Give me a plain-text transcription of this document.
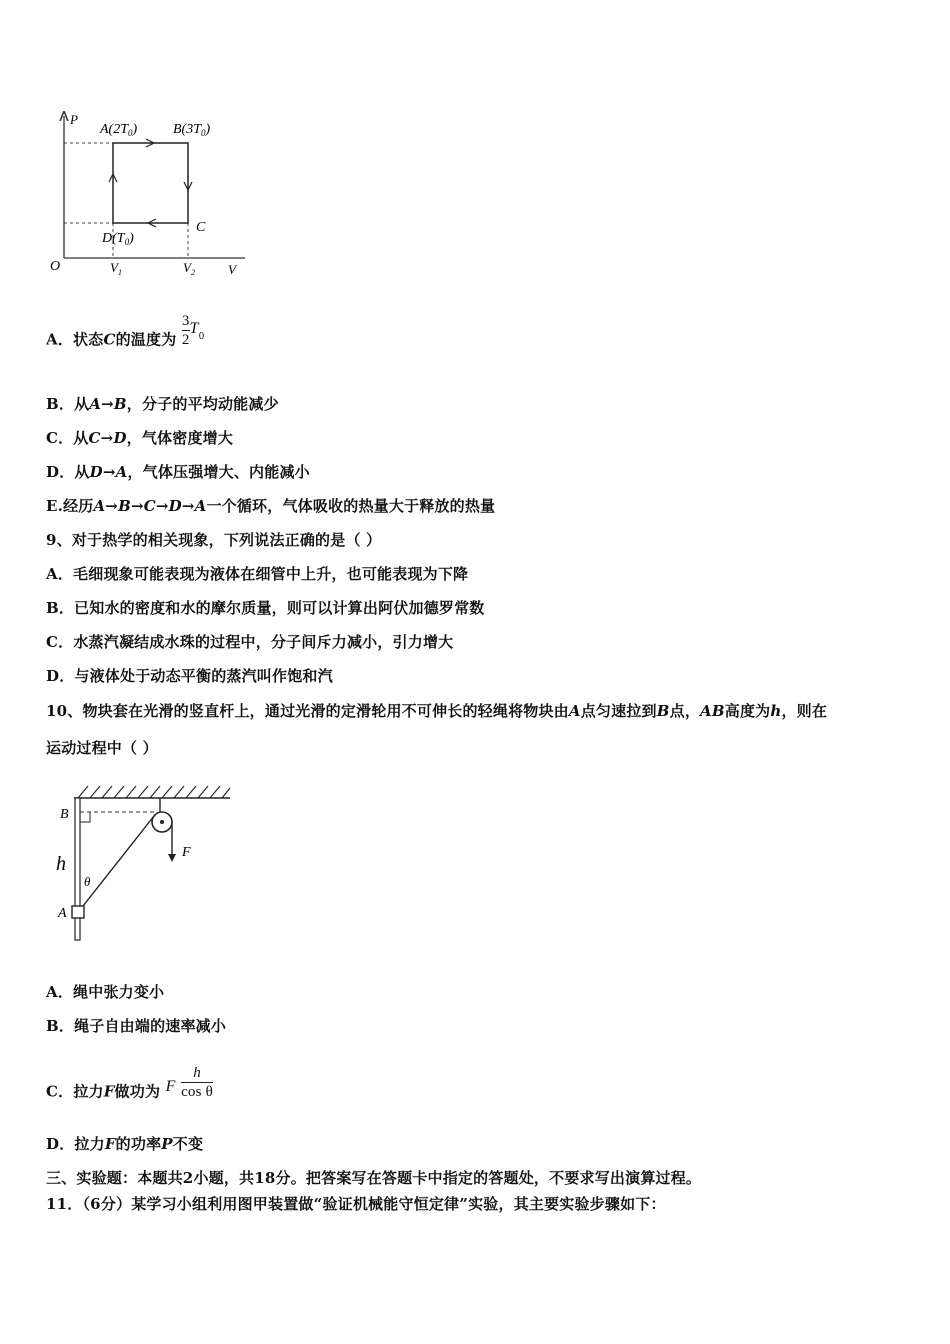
P
V
O
$A(2T_0)$	$B(3T_0)$
C
$D(T_0)$
$V_1$	$V_2$
A．状态C的温度为 $\frac{3}{2} T_0$
B．从A→B，分子的平均动能减少
C．从C→D，气体密度增大
D．从D→A，气体压强增大、内能减小
E.经历A→B→C→D→A一个循环，气体吸收的热量大于释放的热量
9、对于热学的相关现象，下列说法正确的是（ ）
A．毛细现象可能表现为液体在细管中上升，也可能表现为下降
B．已知水的密度和水的摩尔质量，则可以计算出阿伏加德罗常数
C．水蒸汽凝结成水珠的过程中，分子间斥力减小，引力增大
D．与液体处于动态平衡的蒸汽叫作饱和汽
10、物块套在光滑的竖直杆上，通过光滑的定滑轮用不可伸长的轻绳将物块由A点匀速拉到B点，AB高度为h，则在
运动过程中（ ）
B
h
θ
A
F
A．绳中张力变小
B．绳子自由端的速率减小
C．拉力F做功为 F $\frac{h}{\text{cos θ}}$
D．拉力F的功率P不变
三、实验题：本题共2小题，共18分。把答案写在答题卡中指定的答题处，不要求写出演算过程。
11．（6分）某学习小组利用图甲装置做“验证机械能守恒定律”实验，其主要实验步骤如下：
